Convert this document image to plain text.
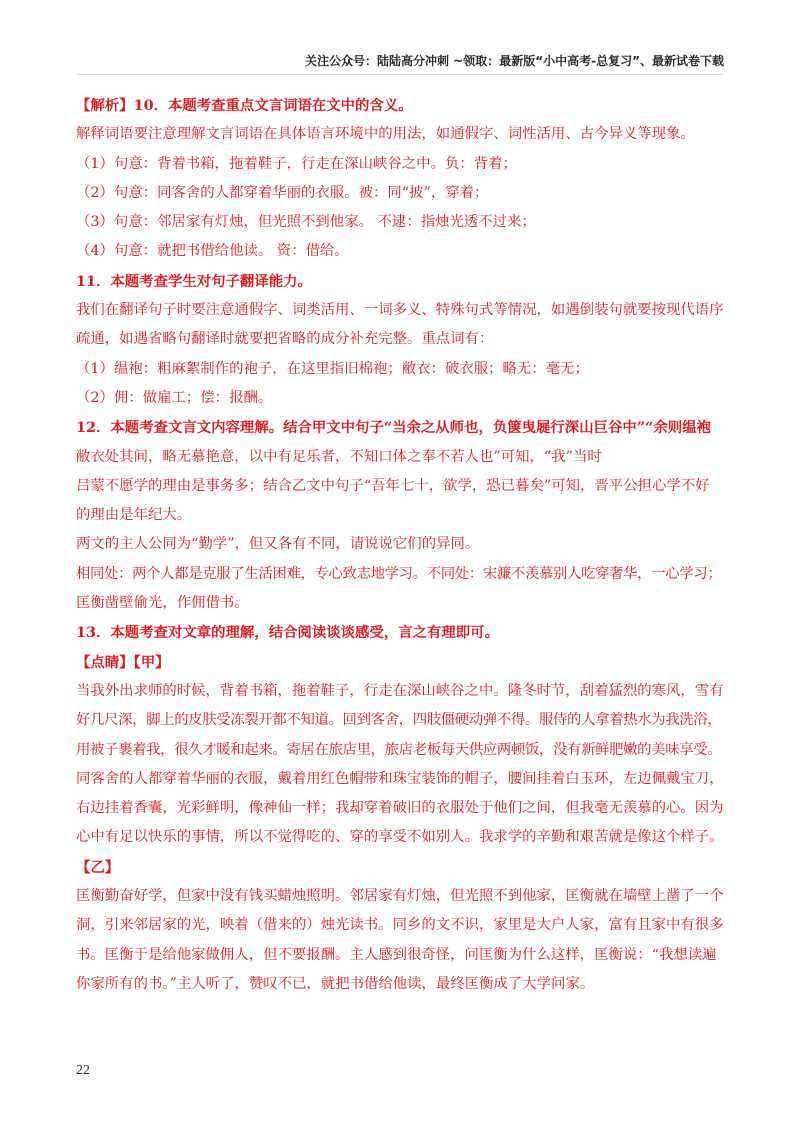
关注公众号：陆陆高分冲刺 ~领取：最新版“小中高考-总复习”、最新试卷下载
【解析】10．本题考查重点文言词语在文中的含义。
解释词语要注意理解文言词语在具体语言环境中的用法，如通假字、词性活用、古今异义等现象。
（1）句意：背着书箱，拖着鞋子，行走在深山峡谷之中。负：背着；
（2）句意：同客舍的人都穿着华丽的衣服。被：同“披”，穿着；
（3）句意：邻居家有灯烛，但光照不到他家。 不逮：指烛光透不过来；
（4）句意：就把书借给他读。 资：借给。
11．本题考查学生对句子翻译能力。
我们在翻译句子时要注意通假字、词类活用、一词多义、特殊句式等情况，如遇倒装句就要按现代语序
疏通，如遇省略句翻译时就要把省略的成分补充完整。重点词有：
（1）缊袍：粗麻絮制作的袍子，在这里指旧棉袍；敝衣：破衣服；略无：毫无；
（2）佣：做雇工；偿：报酬。
12．本题考查文言文内容理解。结合甲文中句子“当余之从师也，负箧曳屣行深山巨谷中”“余则缊袍
敝衣处其间，略无慕艳意，以中有足乐者，不知口体之奉不若人也”可知，“我”当时
吕蒙不愿学的理由是事务多；结合乙文中句子“吾年七十，欲学，恐已暮矣”可知，晋平公担心学不好
的理由是年纪大。
两文的主人公同为“勤学”，但又各有不同，请说说它们的异同。
相同处：两个人都是克服了生活困难，专心致志地学习。不同处：宋濂不羡慕别人吃穿奢华，一心学习；
匡衡凿壁偷光，作佣借书。
13．本题考查对文章的理解，结合阅读谈谈感受，言之有理即可。
【点睛】【甲】
当我外出求师的时候，背着书箱，拖着鞋子，行走在深山峡谷之中。隆冬时节，刮着猛烈的寒风，雪有
好几尺深，脚上的皮肤受冻裂开都不知道。回到客舍，四肢僵硬动弹不得。服侍的人拿着热水为我洗浴，
用被子裹着我，很久才暖和起来。寄居在旅店里，旅店老板每天供应两顿饭，没有新鲜肥嫩的美味享受。
同客舍的人都穿着华丽的衣服，戴着用红色帽带和珠宝装饰的帽子，腰间挂着白玉环，左边佩戴宝刀，
右边挂着香囊，光彩鲜明，像神仙一样；我却穿着破旧的衣服处于他们之间，但我毫无羡慕的心。因为
心中有足以快乐的事情，所以不觉得吃的、穿的享受不如别人。我求学的辛勤和艰苦就是像这个样子。
【乙】
匡衡勤奋好学，但家中没有钱买蜡烛照明。邻居家有灯烛，但光照不到他家，匡衡就在墙壁上凿了一个
洞，引来邻居家的光，映着（借来的）烛光读书。同乡的文不识，家里是大户人家，富有且家中有很多
书。匡衡于是给他家做佣人，但不要报酬。主人感到很奇怪，问匡衡为什么这样，匡衡说：“我想读遍
你家所有的书。”主人听了，赞叹不已，就把书借给他读，最终匡衡成了大学问家。
22
